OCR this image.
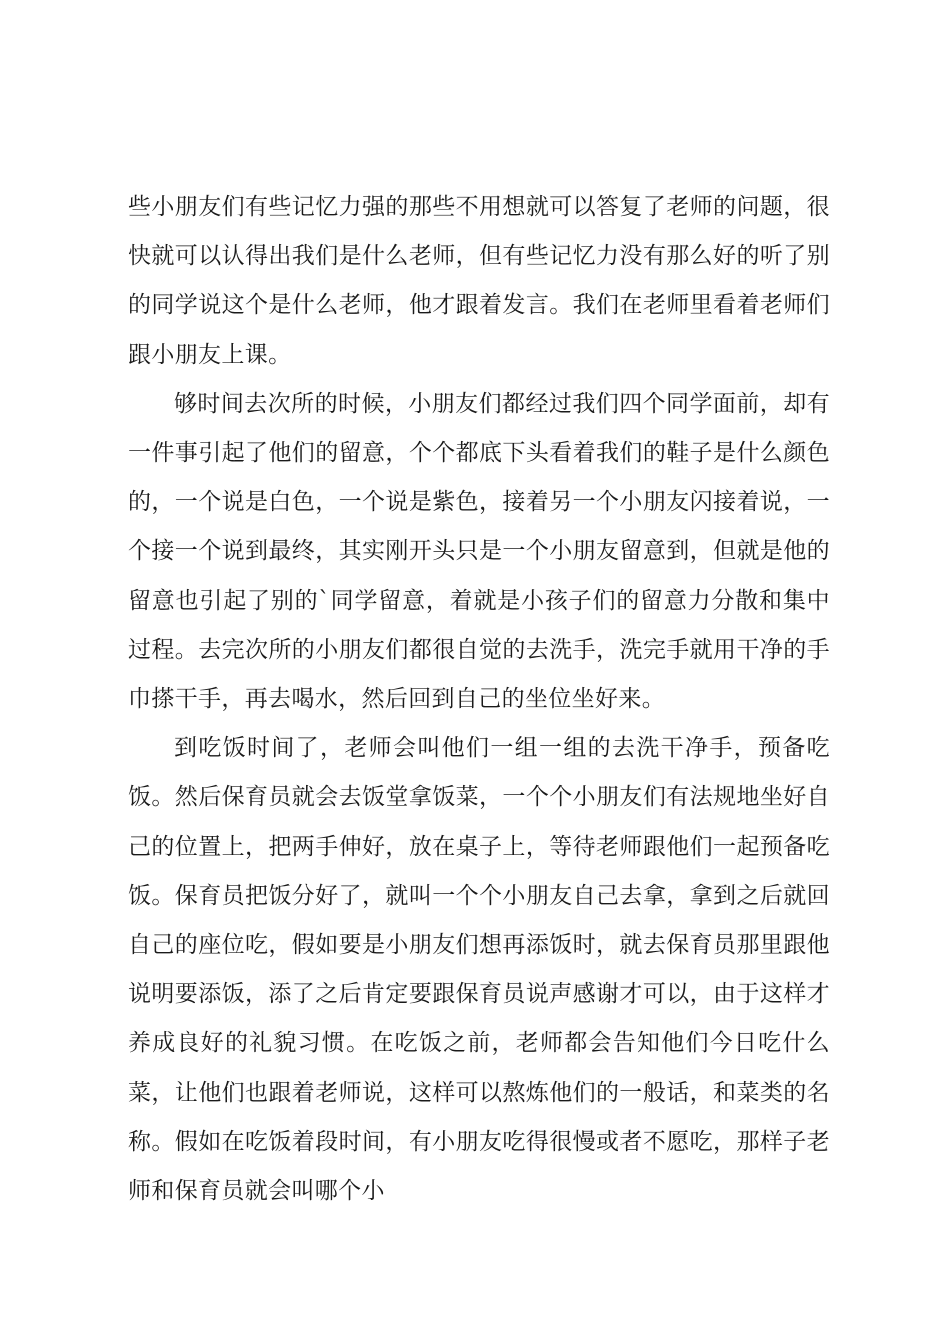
些小朋友们有些记忆力强的那些不用想就可以答复了老师的问题，很快就可以认得出我们是什么老师，但有些记忆力没有那么好的听了别的同学说这个是什么老师，他才跟着发言。我们在老师里看着老师们跟小朋友上课。

够时间去次所的时候，小朋友们都经过我们四个同学面前，却有一件事引起了他们的留意，个个都底下头看着我们的鞋子是什么颜色的，一个说是白色，一个说是紫色，接着另一个小朋友闪接着说，一个接一个说到最终，其实刚开头只是一个小朋友留意到，但就是他的留意也引起了别的`同学留意，着就是小孩子们的留意力分散和集中过程。去完次所的小朋友们都很自觉的去洗手，洗完手就用干净的手巾搽干手，再去喝水，然后回到自己的坐位坐好来。

到吃饭时间了，老师会叫他们一组一组的去洗干净手，预备吃饭。然后保育员就会去饭堂拿饭菜，一个个小朋友们有法规地坐好自己的位置上，把两手伸好，放在桌子上，等待老师跟他们一起预备吃饭。保育员把饭分好了，就叫一个个小朋友自己去拿，拿到之后就回自己的座位吃，假如要是小朋友们想再添饭时，就去保育员那里跟他说明要添饭，添了之后肯定要跟保育员说声感谢才可以，由于这样才养成良好的礼貌习惯。在吃饭之前，老师都会告知他们今日吃什么菜，让他们也跟着老师说，这样可以熬炼他们的一般话，和菜类的名称。假如在吃饭着段时间，有小朋友吃得很慢或者不愿吃，那样子老师和保育员就会叫哪个小
